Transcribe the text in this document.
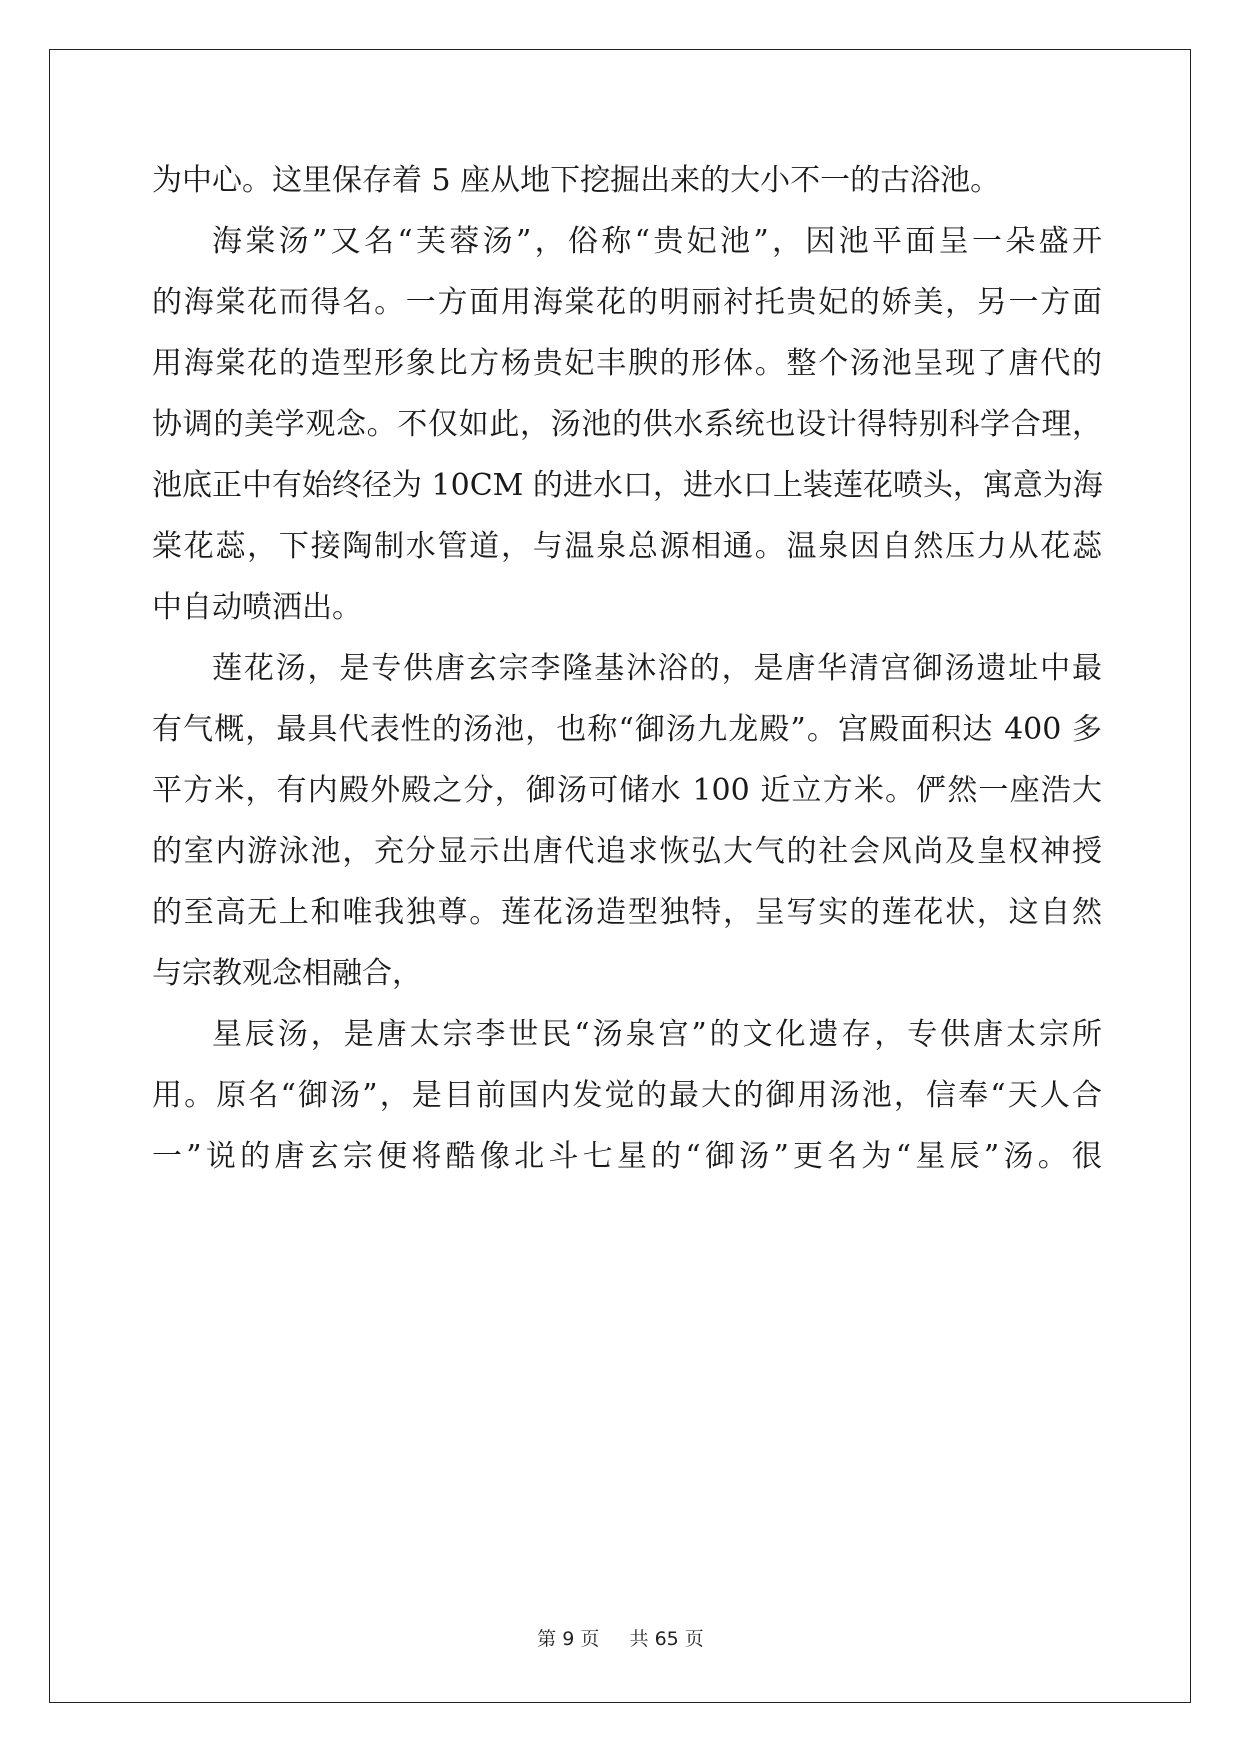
为中心。这里保存着 5 座从地下挖掘出来的大小不一的古浴池。
海棠汤”又名“芙蓉汤”，俗称“贵妃池”，因池平面呈一朵盛开
的海棠花而得名。一方面用海棠花的明丽衬托贵妃的娇美，另一方面
用海棠花的造型形象比方杨贵妃丰腴的形体。整个汤池呈现了唐代的
协调的美学观念。不仅如此，汤池的供水系统也设计得特别科学合理，
池底正中有始终径为 10CM 的进水口，进水口上装莲花喷头，寓意为海
棠花蕊，下接陶制水管道，与温泉总源相通。温泉因自然压力从花蕊
中自动喷洒出。
莲花汤，是专供唐玄宗李隆基沐浴的，是唐华清宫御汤遗址中最
有气概，最具代表性的汤池，也称“御汤九龙殿”。宫殿面积达 400 多
平方米，有内殿外殿之分，御汤可储水 100 近立方米。俨然一座浩大
的室内游泳池，充分显示出唐代追求恢弘大气的社会风尚及皇权神授
的至高无上和唯我独尊。莲花汤造型独特，呈写实的莲花状，这自然
与宗教观念相融合，
星辰汤，是唐太宗李世民“汤泉宫”的文化遗存，专供唐太宗所
用。原名“御汤”，是目前国内发觉的最大的御用汤池，信奉“天人合
一”说的唐玄宗便将酷像北斗七星的“御汤”更名为“星辰”汤。很
第 9 页 共 65 页
